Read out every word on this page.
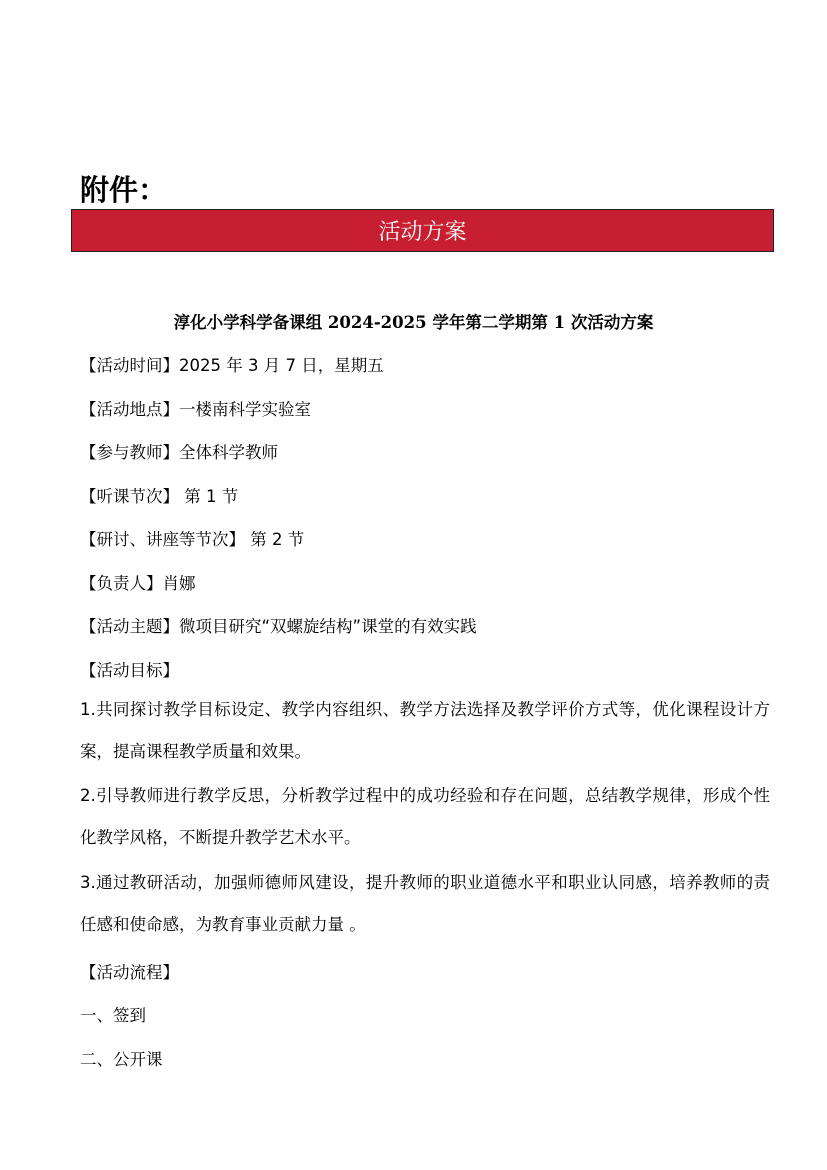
附件：
活动方案
淳化小学科学备课组 2024-2025 学年第二学期第 1 次活动方案
【活动时间】2025 年 3 月 7 日，星期五
【活动地点】一楼南科学实验室
【参与教师】全体科学教师
【听课节次】 第 1 节
【研讨、讲座等节次】 第 2 节
【负责人】肖娜
【活动主题】微项目研究“双螺旋结构”课堂的有效实践
【活动目标】
1.共同探讨教学目标设定、教学内容组织、教学方法选择及教学评价方式等，优化课程设计方案，提高课程教学质量和效果。
2.引导教师进行教学反思，分析教学过程中的成功经验和存在问题，总结教学规律，形成个性化教学风格，不断提升教学艺术水平。
3.通过教研活动，加强师德师风建设，提升教师的职业道德水平和职业认同感，培养教师的责任感和使命感，为教育事业贡献力量 。
【活动流程】
一、签到
二、公开课
